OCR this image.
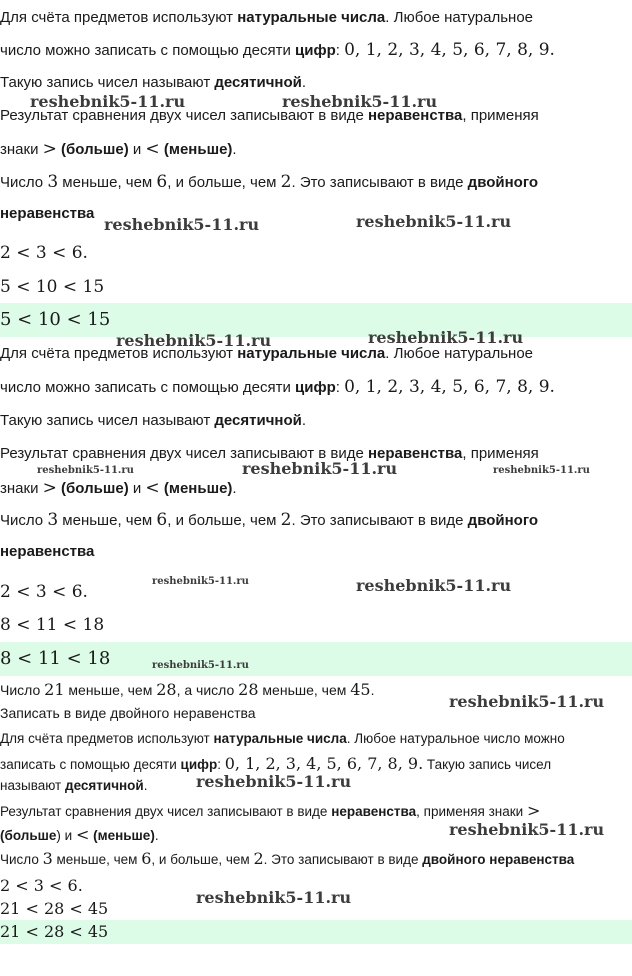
Для счёта предметов используют натуральные числа. Любое натуральное
число можно записать с помощью десяти цифр: 0, 1, 2, 3, 4, 5, 6, 7, 8, 9.
Такую запись чисел называют десятичной.
Результат сравнения двух чисел записывают в виде неравенства, применяя
знаки > (больше) и < (меньше).
Число 3 меньше, чем 6, и больше, чем 2. Это записывают в виде двойного
неравенства
2 < 3 < 6.
5 < 10 < 15
5 < 10 < 15
Для счёта предметов используют натуральные числа. Любое натуральное
число можно записать с помощью десяти цифр: 0, 1, 2, 3, 4, 5, 6, 7, 8, 9.
Такую запись чисел называют десятичной.
Результат сравнения двух чисел записывают в виде неравенства, применяя
знаки > (больше) и < (меньше).
Число 3 меньше, чем 6, и больше, чем 2. Это записывают в виде двойного
неравенства
2 < 3 < 6.
8 < 11 < 18
8 < 11 < 18
Число 21 меньше, чем 28, а число 28 меньше, чем 45.
Записать в виде двойного неравенства
Для счёта предметов используют натуральные числа. Любое натуральное число можно
записать с помощью десяти цифр: 0, 1, 2, 3, 4, 5, 6, 7, 8, 9. Такую запись чисел
называют десятичной.
Результат сравнения двух чисел записывают в виде неравенства, применяя знаки >
(больше) и < (меньше).
Число 3 меньше, чем 6, и больше, чем 2. Это записывают в виде двойного неравенства
2 < 3 < 6.
21 < 28 < 45
21 < 28 < 45
reshebnik5-11.ru	reshebnik5-11.ru
reshebnik5-11.ru	reshebnik5-11.ru
reshebnik5-11.ru	reshebnik5-11.ru
reshebnik5-11.ru	reshebnik5-11.ru	reshebnik5-11.ru
reshebnik5-11.ru	reshebnik5-11.ru
reshebnik5-11.ru
reshebnik5-11.ru
reshebnik5-11.ru
reshebnik5-11.ru
reshebnik5-11.ru
